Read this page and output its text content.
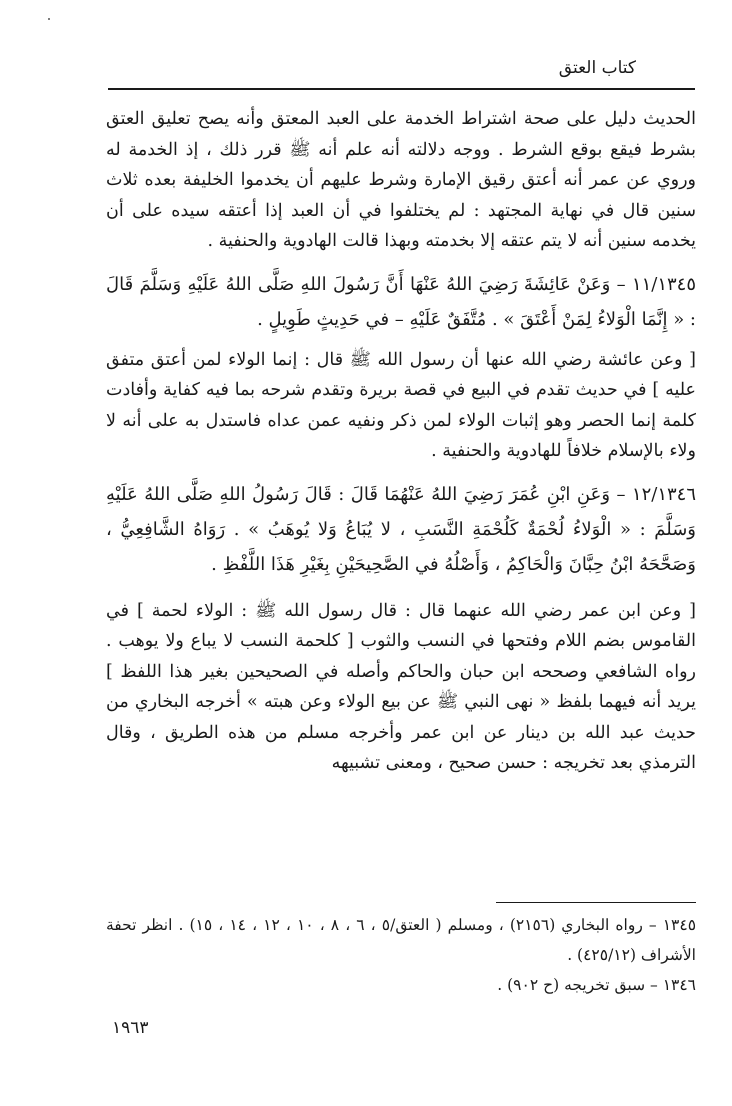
كتاب العتق

الحديث دليل على صحة اشتراط الخدمة على العبد المعتق وأنه يصح تعليق العتق بشرط فيقع بوقع الشرط . ووجه دلالته أنه علم أنه ﷺ قرر ذلك ، إذ الخدمة له وروي عن عمر أنه أعتق رقيق الإمارة وشرط عليهم أن يخدموا الخليفة بعده ثلاث سنين قال في نهاية المجتهد : لم يختلفوا في أن العبد إذا أعتقه سيده على أن يخدمه سنين أنه لا يتم عتقه إلا بخدمته وبهذا قالت الهادوية والحنفية .

١١/١٣٤٥ – وَعَنْ عَائِشَةَ رَضِيَ اللهُ عَنْهَا أَنَّ رَسُولَ اللهِ صَلَّى اللهُ عَلَيْهِ وَسَلَّمَ قَالَ : « إِنَّمَا الْوَلاءُ لِمَنْ أَعْتَقَ » . مُتَّفَقٌ عَلَيْهِ – في حَدِيثٍ طَوِيلٍ .

[ وعن عائشة رضي الله عنها أن رسول الله ﷺ قال : إنما الولاء لمن أعتق متفق عليه ] في حديث تقدم في البيع في قصة بريرة وتقدم شرحه بما فيه كفاية وأفادت كلمة إنما الحصر وهو إثبات الولاء لمن ذكر ونفيه عمن عداه فاستدل به على أنه لا ولاء بالإسلام خلافاً للهادوية والحنفية .

١٢/١٣٤٦ – وَعَنِ ابْنِ عُمَرَ رَضِيَ اللهُ عَنْهُمَا قَالَ : قَالَ رَسُولُ اللهِ صَلَّى اللهُ عَلَيْهِ وَسَلَّمَ : « الْوَلاءُ لُحْمَةٌ كَلُحْمَةِ النَّسَبِ ، لا يُبَاعُ وَلا يُوهَبُ » . رَوَاهُ الشَّافِعِيُّ ، وَصَحَّحَهُ ابْنُ حِبَّانَ وَالْحَاكِمُ ، وَأَصْلُهُ في الصَّحِيحَيْنِ بِغَيْرِ هَذَا اللَّفْظِ .

[ وعن ابن عمر رضي الله عنهما قال : قال رسول الله ﷺ : الولاء لحمة ] في القاموس بضم اللام وفتحها في النسب والثوب [ كلحمة النسب لا يباع ولا يوهب . رواه الشافعي وصححه ابن حبان والحاكم وأصله في الصحيحين بغير هذا اللفظ ] يريد أنه فيهما بلفظ « نهى النبي ﷺ عن بيع الولاء وعن هبته » أخرجه البخاري من حديث عبد الله بن دينار عن ابن عمر وأخرجه مسلم من هذه الطريق ، وقال الترمذي بعد تخريجه : حسن صحيح ، ومعنى تشبيهه

١٣٤٥ – رواه البخاري (٢١٥٦) ، ومسلم ( العتق/٥ ، ٦ ، ٨ ، ١٠ ، ١٢ ، ١٤ ، ١٥) . انظر تحفة الأشراف (٤٢٥/١٢) .

١٣٤٦ – سبق تخريجه (ح ٩٠٢) .

١٩٦٣
